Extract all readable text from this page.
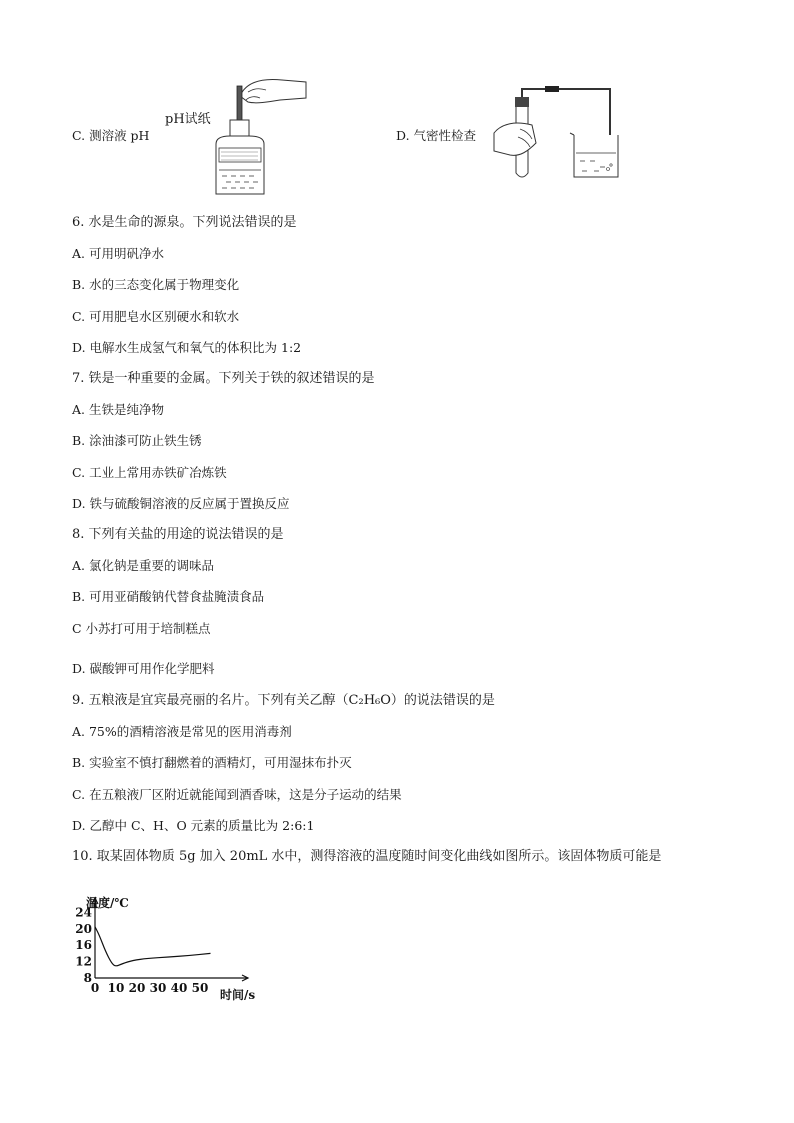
C. 测溶液 pH
pH试纸
D. 气密性检查
6. 水是生命的源泉。下列说法错误的是
A. 可用明矾净水
B. 水的三态变化属于物理变化
C. 可用肥皂水区别硬水和软水
D. 电解水生成氢气和氧气的体积比为 1:2
7. 铁是一种重要的金属。下列关于铁的叙述错误的是
A. 生铁是纯净物
B. 涂油漆可防止铁生锈
C. 工业上常用赤铁矿冶炼铁
D. 铁与硫酸铜溶液的反应属于置换反应
8. 下列有关盐的用途的说法错误的是
A. 氯化钠是重要的调味品
B. 可用亚硝酸钠代替食盐腌渍食品
C 小苏打可用于培制糕点
D. 碳酸钾可用作化学肥料
9. 五粮液是宜宾最亮丽的名片。下列有关乙醇（C₂H₆O）的说法错误的是
A. 75%的酒精溶液是常见的医用消毒剂
B. 实验室不慎打翻燃着的酒精灯，可用湿抹布扑灭
C. 在五粮液厂区附近就能闻到酒香味，这是分子运动的结果
D. 乙醇中 C、H、O 元素的质量比为 2:6:1
10. 取某固体物质 5g 加入 20mL 水中，测得溶液的温度随时间变化曲线如图所示。该固体物质可能是
8
12
16
20
24
0 10 20 30 40 50
温度/℃
时间/s
